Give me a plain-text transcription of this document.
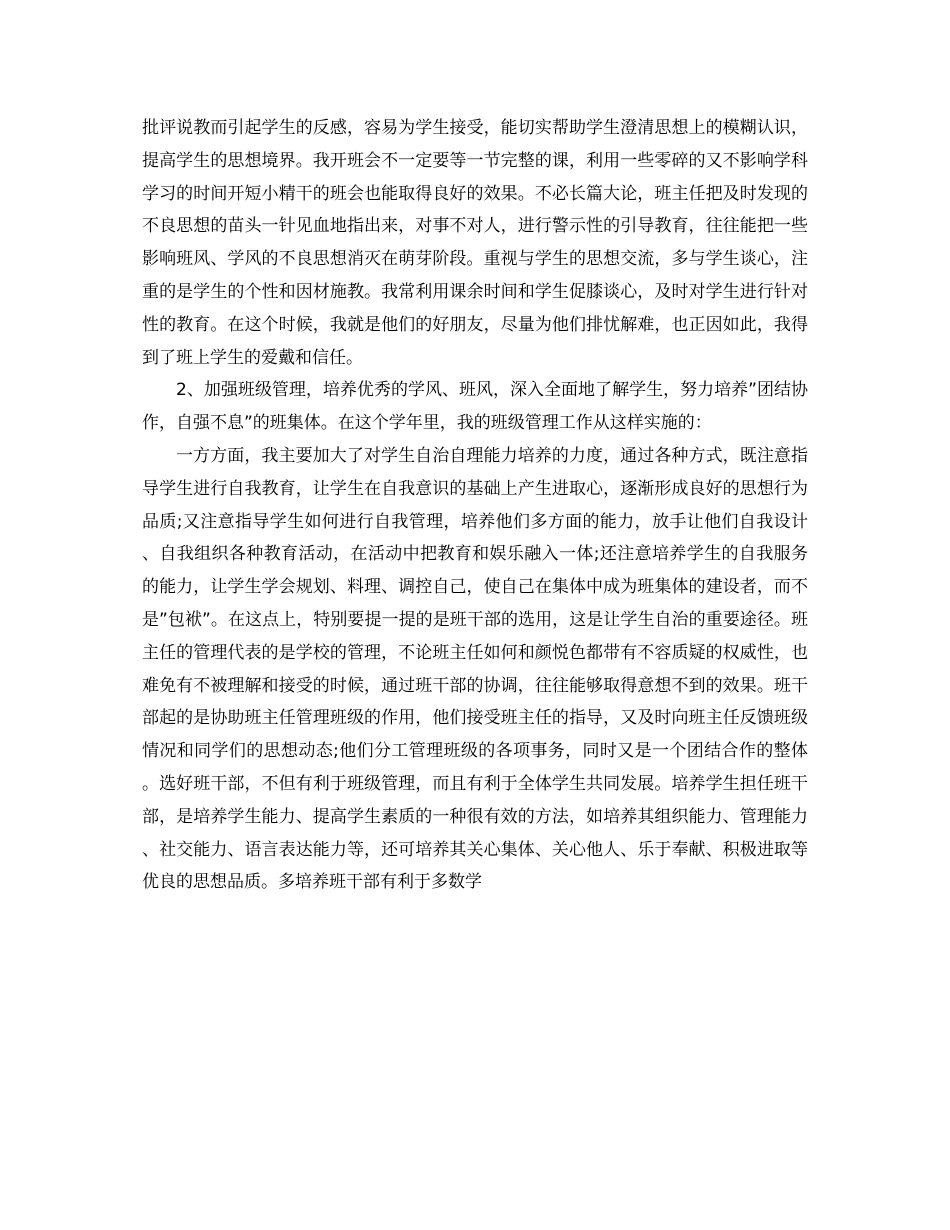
批评说教而引起学生的反感，容易为学生接受，能切实帮助学生澄清思想上的模糊认识，提高学生的思想境界。我开班会不一定要等一节完整的课，利用一些零碎的又不影响学科学习的时间开短小精干的班会也能取得良好的效果。不必长篇大论，班主任把及时发现的不良思想的苗头一针见血地指出来，对事不对人，进行警示性的引导教育，往往能把一些影响班风、学风的不良思想消灭在萌芽阶段。重视与学生的思想交流，多与学生谈心，注重的是学生的个性和因材施教。我常利用课余时间和学生促膝谈心，及时对学生进行针对性的教育。在这个时候，我就是他们的好朋友，尽量为他们排忧解难，也正因如此，我得到了班上学生的爱戴和信任。

2、加强班级管理，培养优秀的学风、班风，深入全面地了解学生，努力培养”团结协作，自强不息”的班集体。在这个学年里，我的班级管理工作从这样实施的：

一方方面，我主要加大了对学生自治自理能力培养的力度，通过各种方式，既注意指导学生进行自我教育，让学生在自我意识的基础上产生进取心，逐渐形成良好的思想行为品质;又注意指导学生如何进行自我管理，培养他们多方面的能力，放手让他们自我设计、自我组织各种教育活动，在活动中把教育和娱乐融入一体;还注意培养学生的自我服务的能力，让学生学会规划、料理、调控自己，使自己在集体中成为班集体的建设者，而不是”包袱”。在这点上，特别要提一提的是班干部的选用，这是让学生自治的重要途径。班主任的管理代表的是学校的管理，不论班主任如何和颜悦色都带有不容质疑的权威性，也难免有不被理解和接受的时候，通过班干部的协调，往往能够取得意想不到的效果。班干部起的是协助班主任管理班级的作用，他们接受班主任的指导，又及时向班主任反馈班级情况和同学们的思想动态;他们分工管理班级的各项事务，同时又是一个团结合作的整体。选好班干部，不但有利于班级管理，而且有利于全体学生共同发展。培养学生担任班干部，是培养学生能力、提高学生素质的一种很有效的方法，如培养其组织能力、管理能力、社交能力、语言表达能力等，还可培养其关心集体、关心他人、乐于奉献、积极进取等优良的思想品质。多培养班干部有利于多数学
